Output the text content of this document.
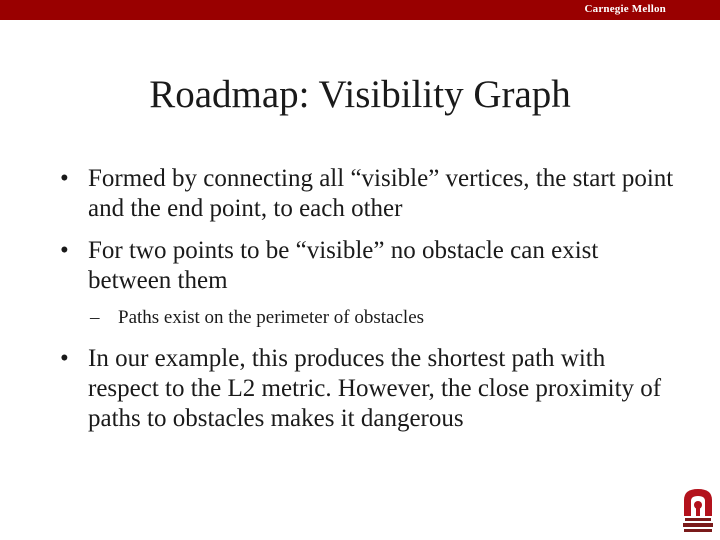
Carnegie Mellon
Roadmap: Visibility Graph
• Formed by connecting all “visible” vertices, the start point and the end point, to each other
• For two points to be “visible” no obstacle can exist between them
– Paths exist on the perimeter of obstacles
• In our example, this produces the shortest path with respect to the L2 metric. However, the close proximity of paths to obstacles makes it dangerous
